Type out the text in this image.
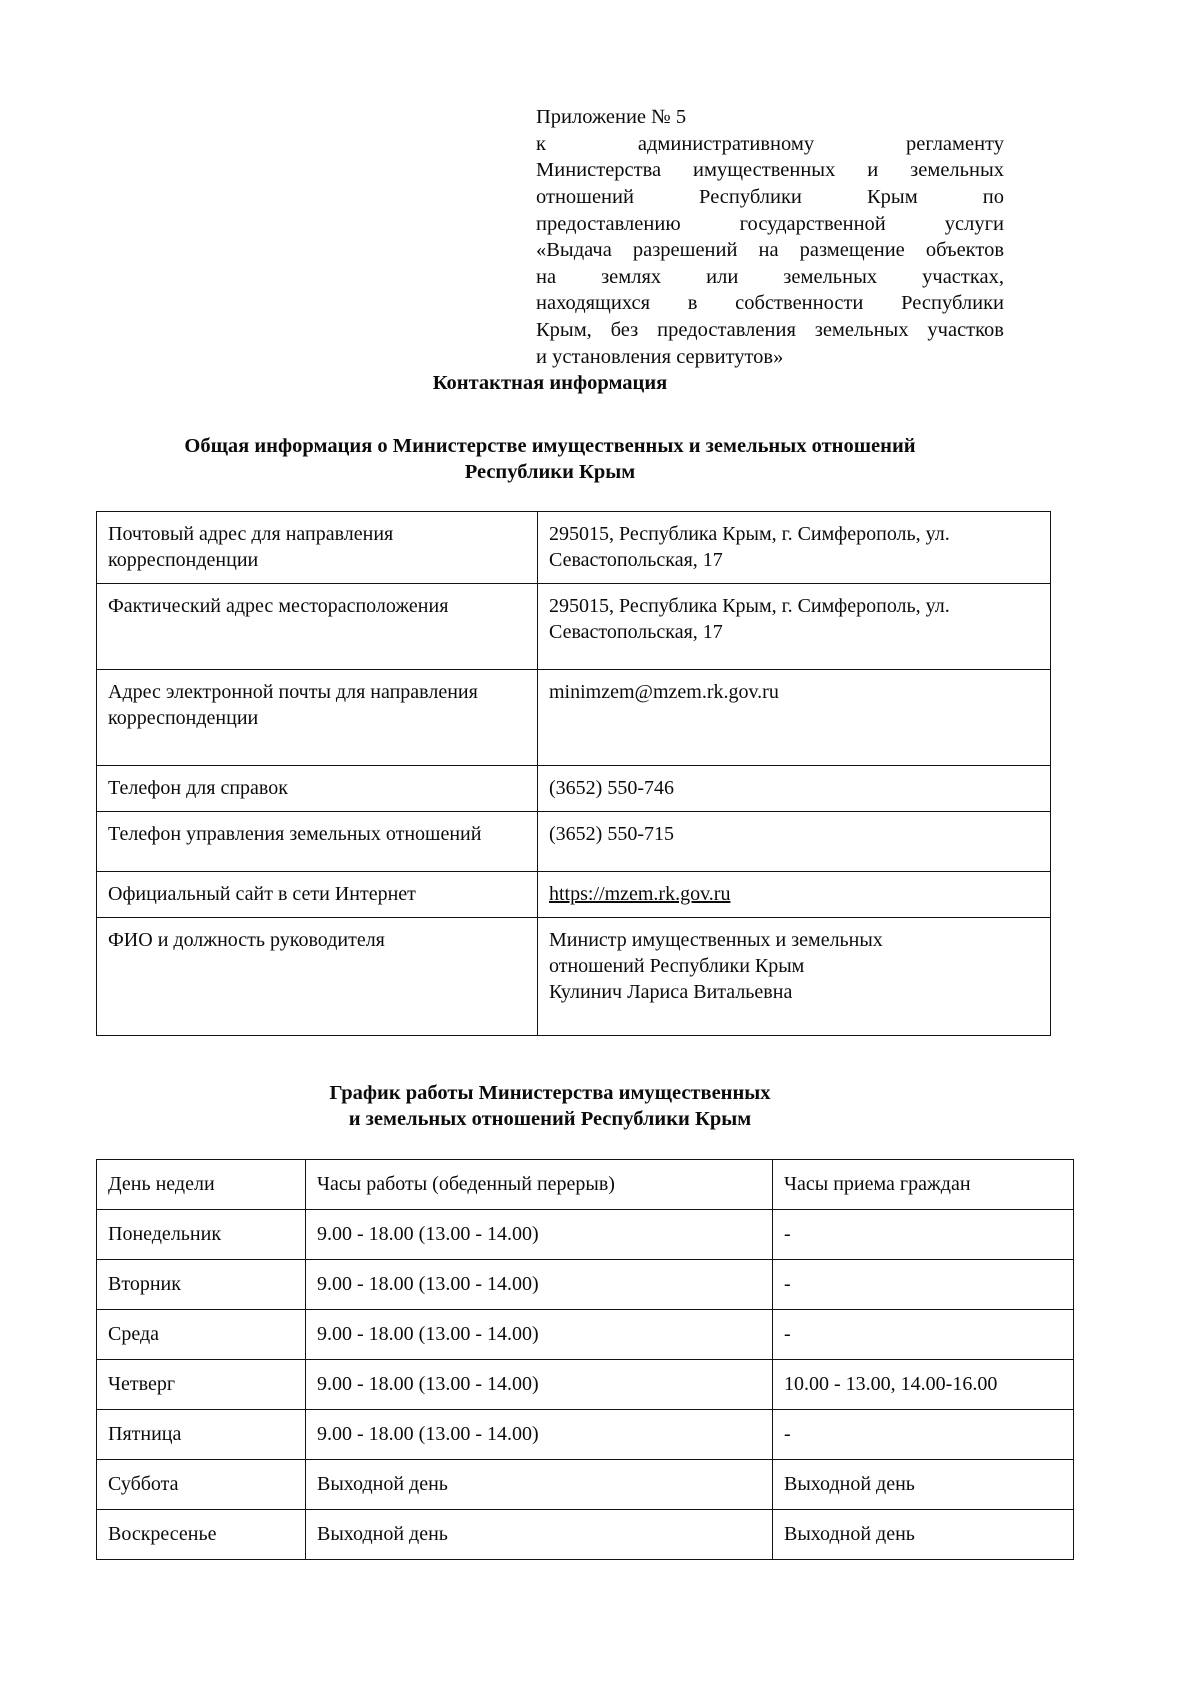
Приложение № 5
к административному регламенту
Министерства имущественных и земельных
отношений Республики Крым по
предоставлению государственной услуги
«Выдача разрешений на размещение объектов
на землях или земельных участках,
находящихся в собственности Республики
Крым, без предоставления земельных участков
и установления сервитутов»
Контактная информация
Общая информация о Министерстве имущественных и земельных отношений
Республики Крым
Почтовый адрес для направления корреспонденции	295015, Республика Крым, г. Симферополь, ул.
Севастопольская, 17

Фактический адрес месторасположения	295015, Республика Крым, г. Симферополь, ул.
Севастопольская, 17

Адрес электронной почты для направления корреспонденции	minimzem@mzem.rk.gov.ru
Телефон для справок	(3652) 550-746
Телефон управления земельных отношений	(3652) 550-715
Официальный сайт в сети Интернет	https://mzem.rk.gov.ru
ФИО и должность руководителя	Министр имущественных и земельных
отношений Республики Крым
Кулинич Лариса Витальевна
График работы Министерства имущественных
и земельных отношений Республики Крым
День недели	Часы работы (обеденный перерыв)	Часы приема граждан
Понедельник	9.00 - 18.00 (13.00 - 14.00)	-
Вторник	9.00 - 18.00 (13.00 - 14.00)	-
Среда	9.00 - 18.00 (13.00 - 14.00)	-
Четверг	9.00 - 18.00 (13.00 - 14.00)	10.00 - 13.00, 14.00-16.00
Пятница	9.00 - 18.00 (13.00 - 14.00)	-
Суббота	Выходной день	Выходной день
Воскресенье	Выходной день	Выходной день
